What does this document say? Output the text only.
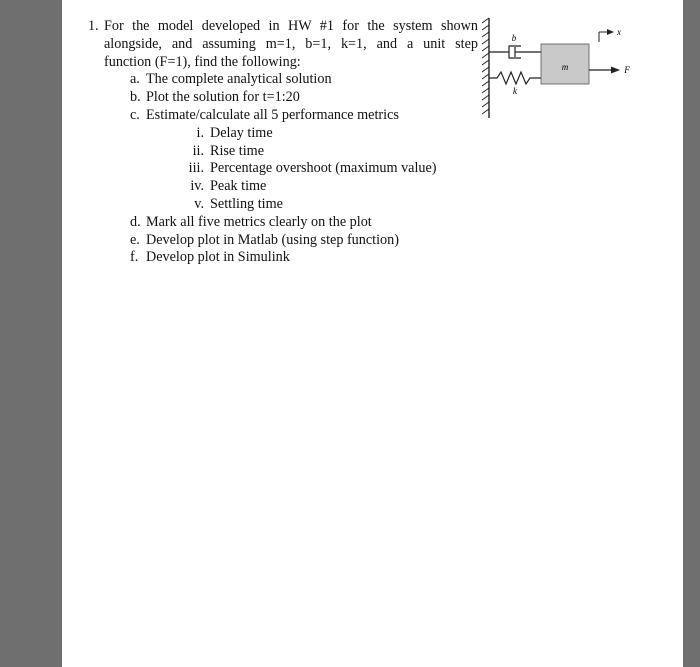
1. For the model developed in HW #1 for the system shown

alongside, and assuming m=1, b=1, k=1, and a unit step

function (F=1), find the following:

a. The complete analytical solution
b. Plot the solution for t=1:20
c. Estimate/calculate all 5 performance metrics
i. Delay time
ii. Rise time
iii. Percentage overshoot (maximum value)
iv. Peak time
v. Settling time
d. Mark all five metrics clearly on the plot
e. Develop plot in Matlab (using step function)
f. Develop plot in Simulink
b
k
m	F
x
